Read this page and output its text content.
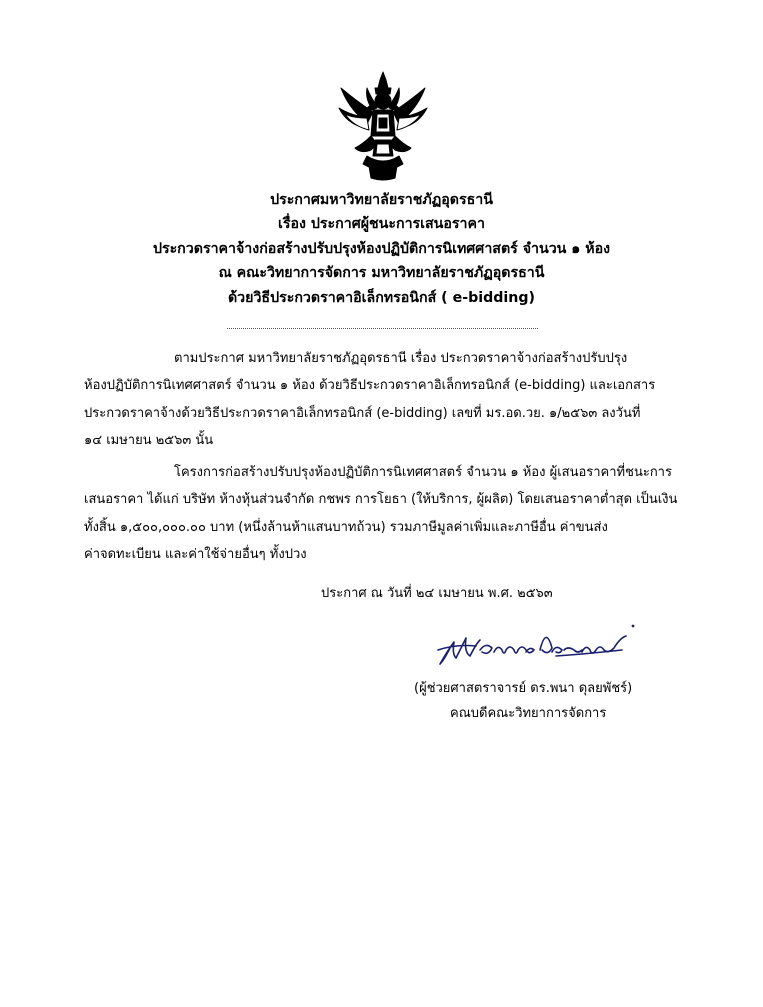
ประกาศมหาวิทยาลัยราชภัฏอุดรธานี
เรื่อง ประกาศผู้ชนะการเสนอราคา
ประกวดราคาจ้างก่อสร้างปรับปรุงห้องปฏิบัติการนิเทศศาสตร์ จำนวน ๑ ห้อง
ณ คณะวิทยาการจัดการ มหาวิทยาลัยราชภัฏอุดรธานี
ด้วยวิธีประกวดราคาอิเล็กทรอนิกส์ ( e-bidding)
ตามประกาศ มหาวิทยาลัยราชภัฏอุดรธานี เรื่อง ประกวดราคาจ้างก่อสร้างปรับปรุง
ห้องปฏิบัติการนิเทศศาสตร์ จำนวน ๑ ห้อง ด้วยวิธีประกวดราคาอิเล็กทรอนิกส์ (e-bidding) และเอกสาร
ประกวดราคาจ้างด้วยวิธีประกวดราคาอิเล็กทรอนิกส์ (e-bidding) เลขที่ มร.อด.วย. ๑/๒๕๖๓ ลงวันที่
๑๔ เมษายน ๒๕๖๓ นั้น
โครงการก่อสร้างปรับปรุงห้องปฏิบัติการนิเทศศาสตร์ จำนวน ๑ ห้อง ผู้เสนอราคาที่ชนะการ
เสนอราคา ได้แก่ บริษัท ห้างหุ้นส่วนจำกัด กชพร การโยธา (ให้บริการ, ผู้ผลิต) โดยเสนอราคาต่ำสุด เป็นเงิน
ทั้งสิ้น ๑,๕๐๐,๐๐๐.๐๐ บาท (หนึ่งล้านห้าแสนบาทถ้วน) รวมภาษีมูลค่าเพิ่มและภาษีอื่น ค่าขนส่ง
ค่าจดทะเบียน และค่าใช้จ่ายอื่นๆ ทั้งปวง
ประกาศ ณ วันที่ ๒๔ เมษายน พ.ศ. ๒๕๖๓
(ผู้ช่วยศาสตราจารย์ ดร.พนา ดุลยพัชร์)
คณบดีคณะวิทยาการจัดการ
